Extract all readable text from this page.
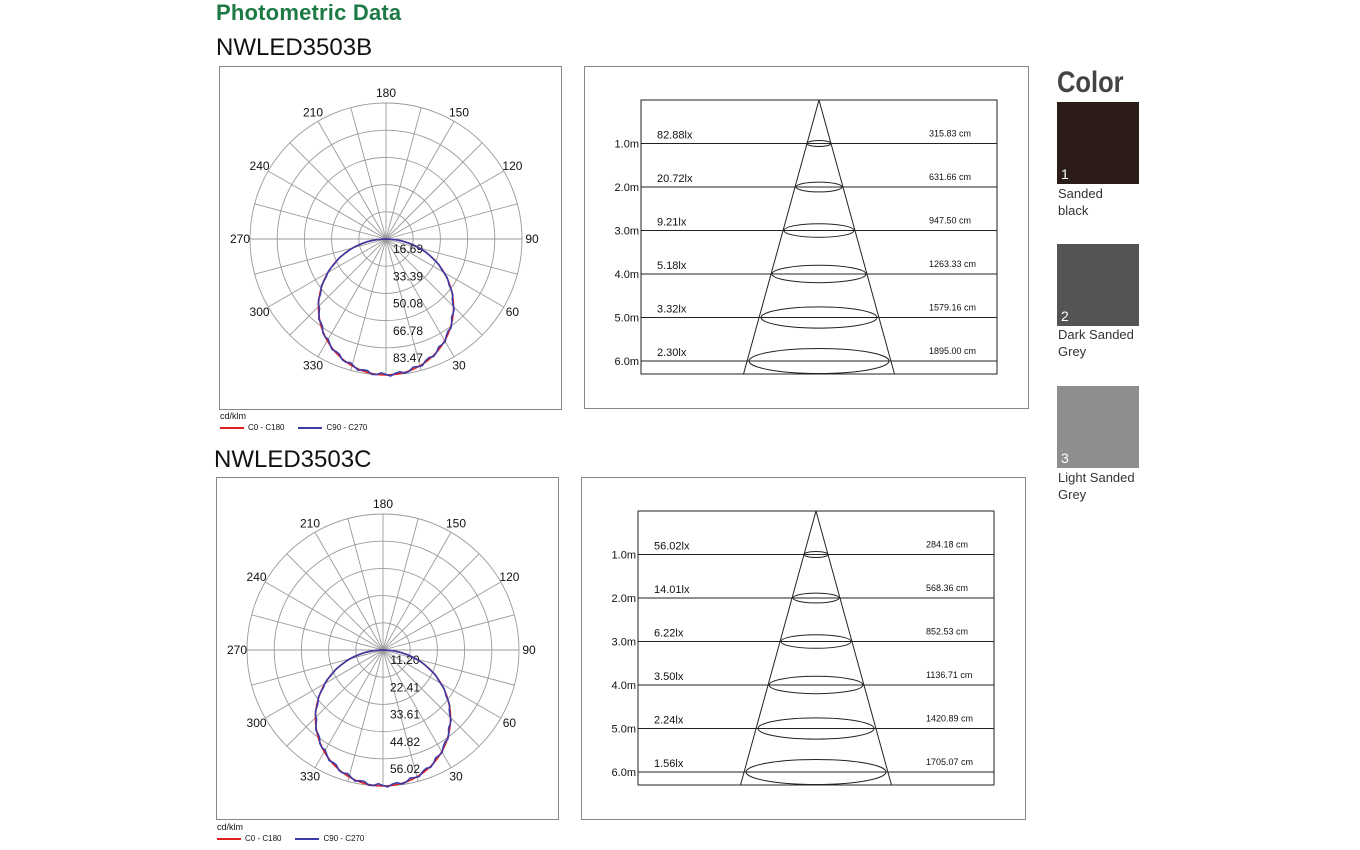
Photometric Data
NWLED3503B
180
150
120
90
60
30
330
300
270
240
210
16.69
33.39
50.08
66.78
83.47
1.0m
82.88lx	315.83 cm
2.0m
20.72lx	631.66 cm
3.0m
9.21lx	947.50 cm
4.0m
5.18lx	1263.33 cm
5.0m
3.32lx	1579.16 cm
6.0m
2.30lx	1895.00 cm
cd/klm
C0 - C180	C90 - C270
NWLED3503C
180
150
120
90
60
30
330
300
270
240
210
11.20
22.41
33.61
44.82
56.02
1.0m
56.02lx	284.18 cm
2.0m
14.01lx	568.36 cm
3.0m
6.22lx	852.53 cm
4.0m
3.50lx	1136.71 cm
5.0m
2.24lx	1420.89 cm
6.0m
1.56lx	1705.07 cm
cd/klm
C0 - C180	C90 - C270
Color
1
Sanded
black
2
Dark Sanded
Grey
3
Light Sanded
Grey
